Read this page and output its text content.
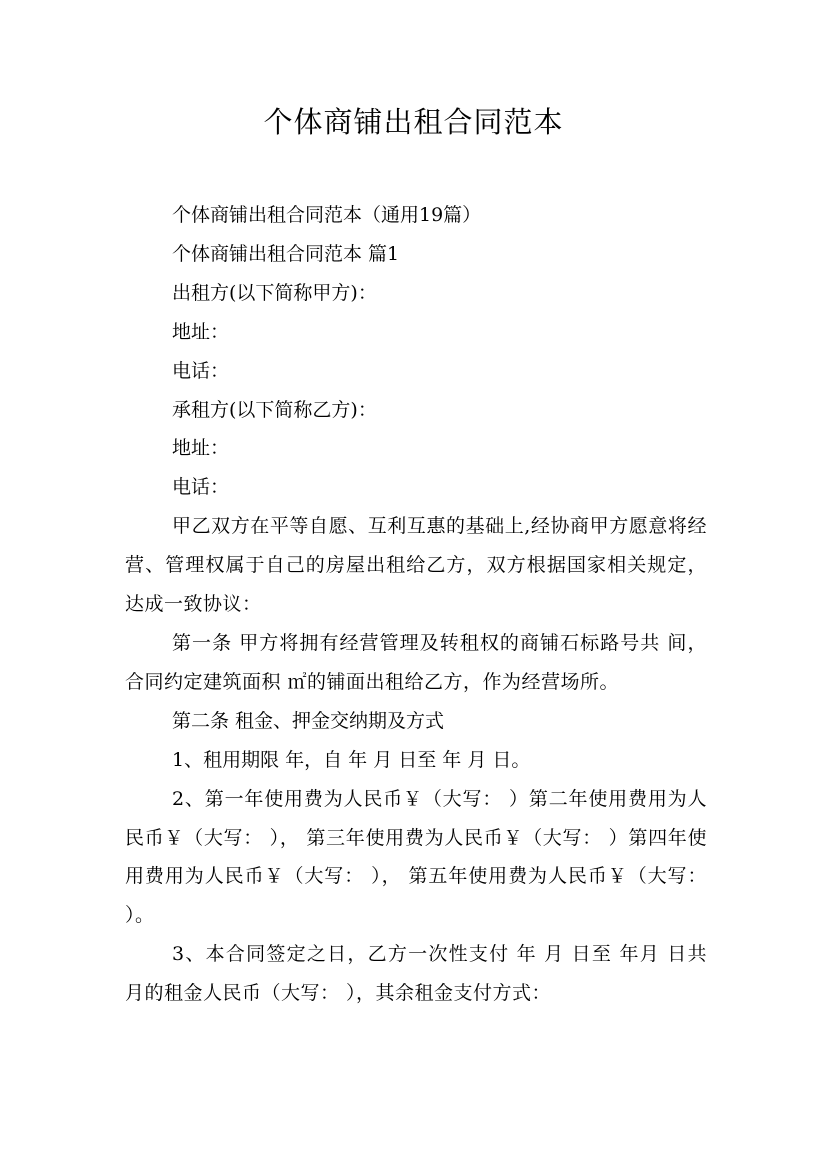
个体商铺出租合同范本

个体商铺出租合同范本（通用19篇）

个体商铺出租合同范本 篇1

出租方(以下简称甲方)：

地址：

电话：

承租方(以下简称乙方)：

地址：

电话：

甲乙双方在平等自愿、互利互惠的基础上,经协商甲方愿意将经营、管理权属于自己的房屋出租给乙方，双方根据国家相关规定，达成一致协议：

第一条 甲方将拥有经营管理及转租权的商铺石标路号共 间，合同约定建筑面积 ㎡的铺面出租给乙方，作为经营场所。

第二条 租金、押金交纳期及方式

1、租用期限 年，自 年 月 日至 年 月 日。

2、第一年使用费为人民币￥（大写： ）第二年使用费用为人民币￥（大写： ）， 第三年使用费为人民币￥（大写： ）第四年使用费用为人民币￥（大写： ）， 第五年使用费为人民币￥（大写： ）。

3、本合同签定之日，乙方一次性支付 年 月 日至 年月 日共 月的租金人民币（大写： ），其余租金支付方式：
